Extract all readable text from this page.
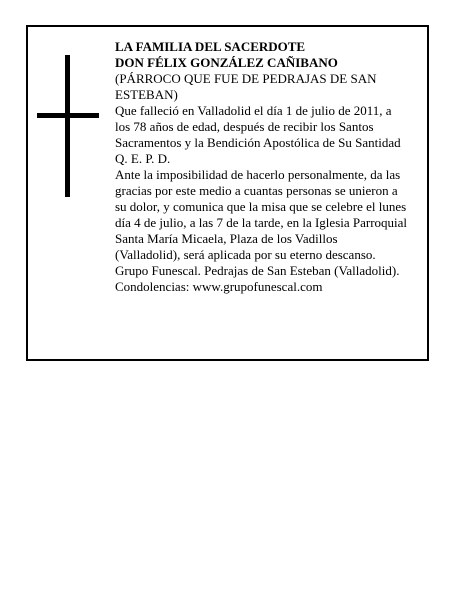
LA FAMILIA DEL SACERDOTE
DON FÉLIX GONZÁLEZ CAÑIBANO
(PÁRROCO QUE FUE DE PEDRAJAS DE SAN
ESTEBAN)
Que falleció en Valladolid el día 1 de julio de 2011, a
los 78 años de edad, después de recibir los Santos
Sacramentos y la Bendición Apostólica de Su Santidad
Q. E. P. D.
Ante la imposibilidad de hacerlo personalmente, da las
gracias por este medio a cuantas personas se unieron a
su dolor, y comunica que la misa que se celebre el lunes
día 4 de julio, a las 7 de la tarde, en la Iglesia Parroquial
Santa María Micaela, Plaza de los Vadillos
(Valladolid), será aplicada por su eterno descanso.
Grupo Funescal. Pedrajas de San Esteban (Valladolid).
Condolencias: www.grupofunescal.com
